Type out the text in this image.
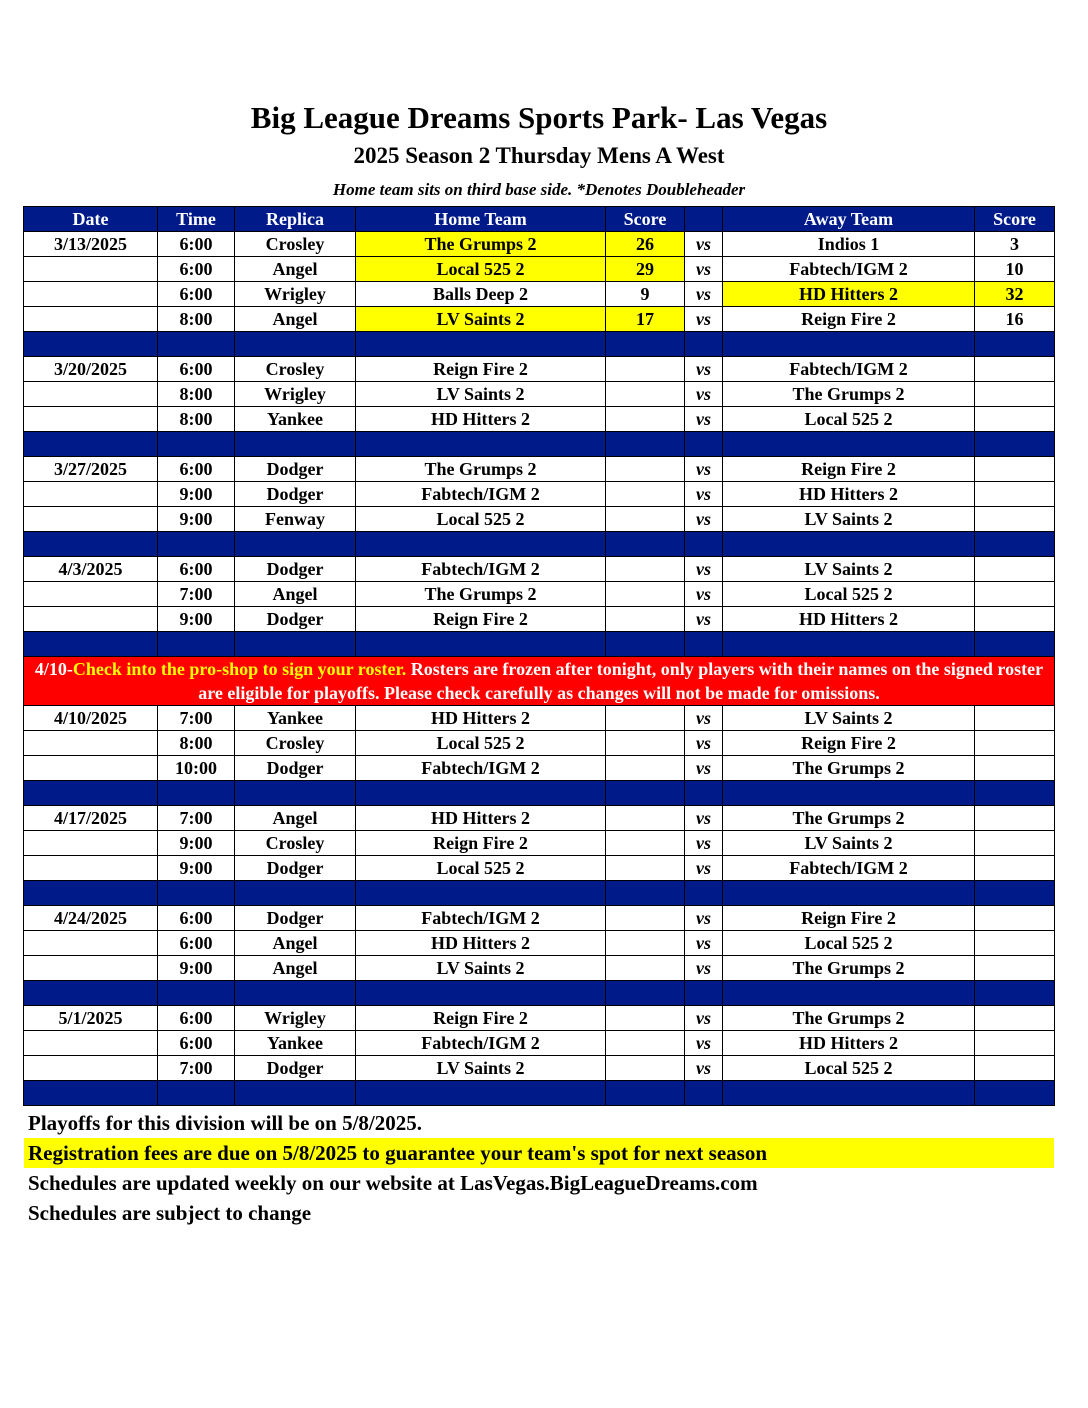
Big League Dreams Sports Park- Las Vegas
2025 Season 2 Thursday Mens A West
Home team sits on third base side. *Denotes Doubleheader
Date	Time	Replica	Home Team	Score		Away Team	Score
3/13/2025	6:00	Crosley	The Grumps 2	26	vs	Indios 1	3
	6:00	Angel	Local 525 2	29	vs	Fabtech/IGM 2	10
	6:00	Wrigley	Balls Deep 2	9	vs	HD Hitters 2	32
	8:00	Angel	LV Saints 2	17	vs	Reign Fire 2	16

3/20/2025	6:00	Crosley	Reign Fire 2		vs	Fabtech/IGM 2	
	8:00	Wrigley	LV Saints 2		vs	The Grumps 2	
	8:00	Yankee	HD Hitters 2		vs	Local 525 2	

3/27/2025	6:00	Dodger	The Grumps 2		vs	Reign Fire 2	
	9:00	Dodger	Fabtech/IGM 2		vs	HD Hitters 2	
	9:00	Fenway	Local 525 2		vs	LV Saints 2	

4/3/2025	6:00	Dodger	Fabtech/IGM 2		vs	LV Saints 2	
	7:00	Angel	The Grumps 2		vs	Local 525 2	
	9:00	Dodger	Reign Fire 2		vs	HD Hitters 2	

4/10-Check into the pro-shop to sign your roster. Rosters are frozen after tonight, only players with their names on the signed roster are eligible for playoffs. Please check carefully as changes will not be made for omissions.							
4/10/2025	7:00	Yankee	HD Hitters 2		vs	LV Saints 2	
	8:00	Crosley	Local 525 2		vs	Reign Fire 2	
	10:00	Dodger	Fabtech/IGM 2		vs	The Grumps 2	

4/17/2025	7:00	Angel	HD Hitters 2		vs	The Grumps 2	
	9:00	Crosley	Reign Fire 2		vs	LV Saints 2	
	9:00	Dodger	Local 525 2		vs	Fabtech/IGM 2	

4/24/2025	6:00	Dodger	Fabtech/IGM 2		vs	Reign Fire 2	
	6:00	Angel	HD Hitters 2		vs	Local 525 2	
	9:00	Angel	LV Saints 2		vs	The Grumps 2	

5/1/2025	6:00	Wrigley	Reign Fire 2		vs	The Grumps 2	
	6:00	Yankee	Fabtech/IGM 2		vs	HD Hitters 2	
	7:00	Dodger	LV Saints 2		vs	Local 525 2	

Playoffs for this division will be on 5/8/2025.
Registration fees are due on 5/8/2025 to guarantee your team's spot for next season
Schedules are updated weekly on our website at LasVegas.BigLeagueDreams.com
Schedules are subject to change
